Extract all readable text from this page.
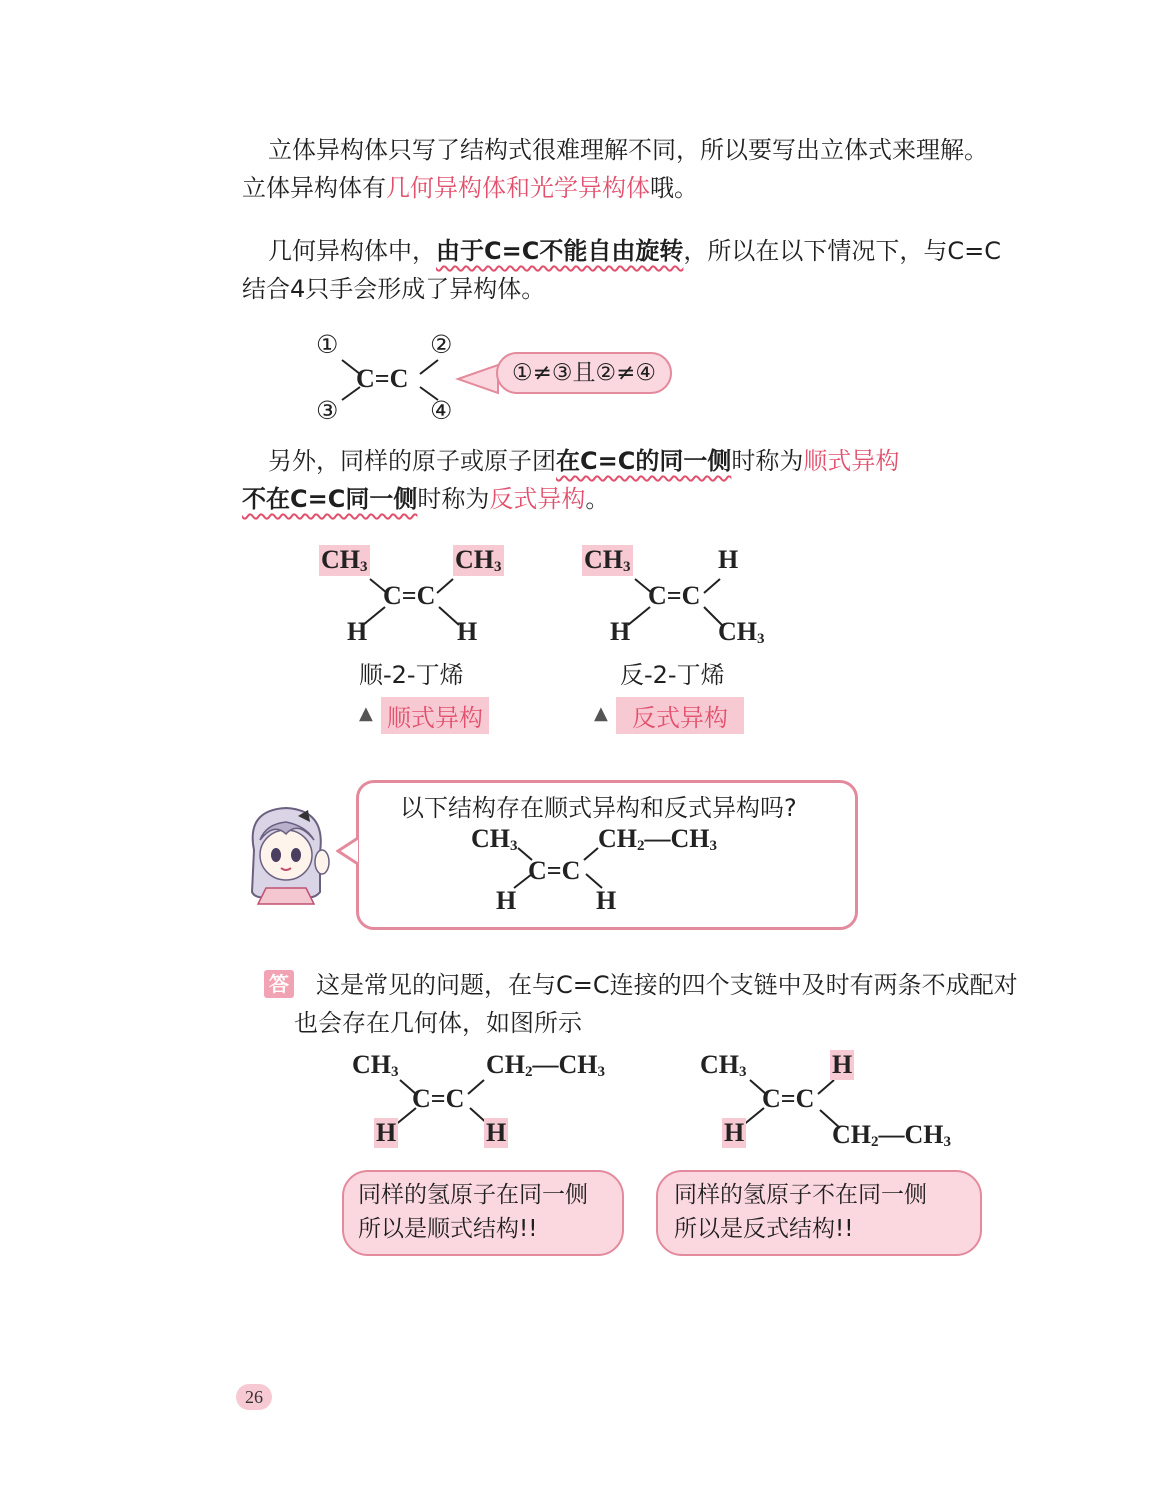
立体异构体只写了结构式很难理解不同，所以要写出立体式来理解。
立体异构体有几何异构体和光学异构体哦。
几何异构体中，由于C=C不能自由旋转，所以在以下情况下，与C=C
结合4只手会形成了异构体。
①	②
③	④
C=C	①≠③且②≠④
另外，同样的原子或原子团在C=C的同一侧时称为顺式异构
不在C=C同一侧时称为反式异构。
$CH_3$	$CH_3$
C=C
H	H
顺-2-丁烯
▲ 顺式异构
$CH_3$	H
C=C
H	$CH_3$
反-2-丁烯
▲	反式异构
以下结构存在顺式异构和反式异构吗?
$CH_3$	$CH_2—CH_3$
C=C
H	H
答 这是常见的问题，在与C=C连接的四个支链中及时有两条不成配对
也会存在几何体，如图所示
$CH_3$	$CH_2—CH_3$
C=C
H	H
同样的氢原子在同一侧
所以是顺式结构!!
$CH_3$	H
C=C
H	$CH_2—CH_3$
同样的氢原子不在同一侧
所以是反式结构!!
26
